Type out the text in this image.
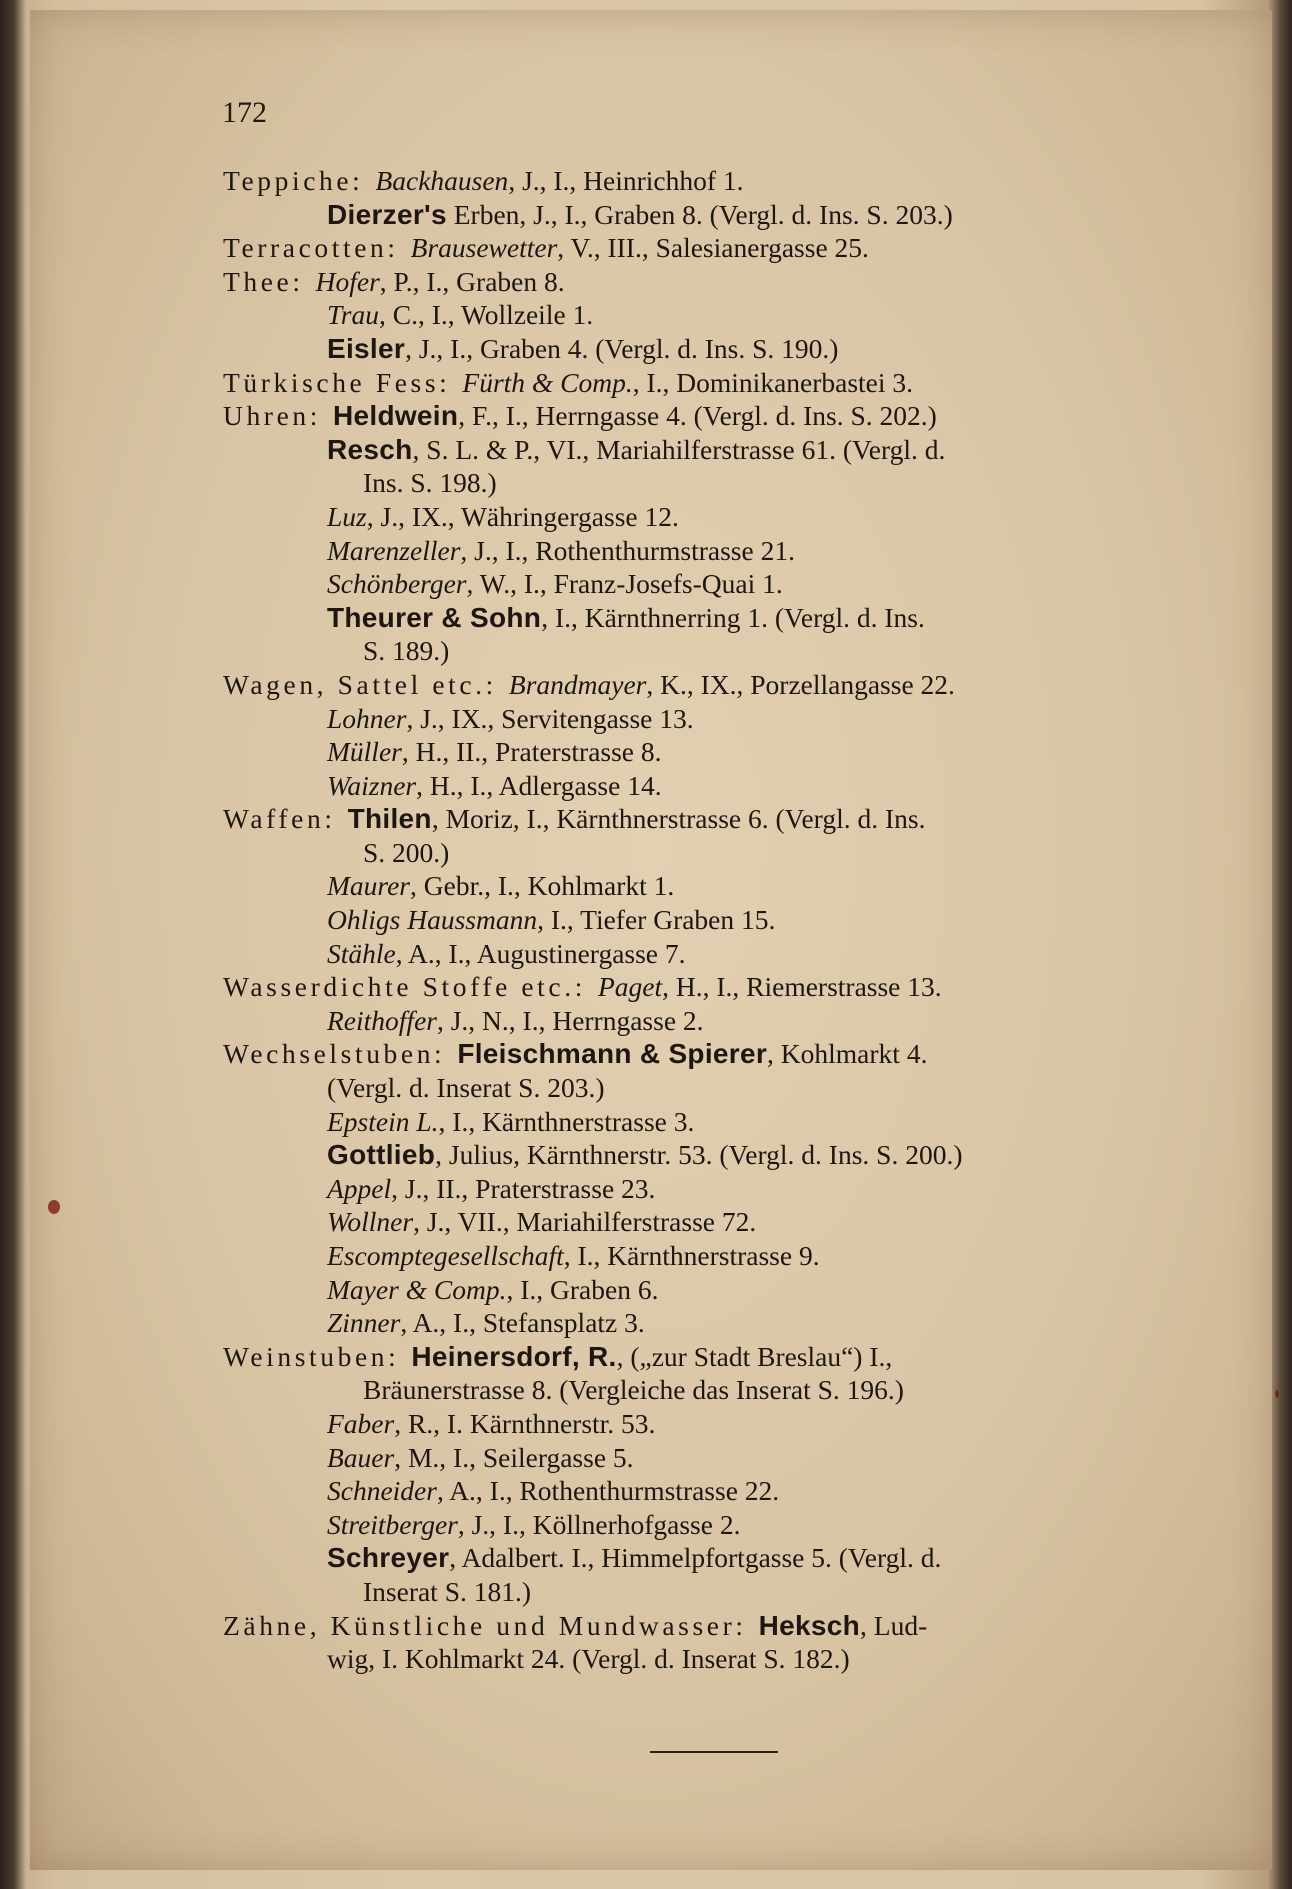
172
Teppiche: Backhausen , J., I., Heinrichhof 1.
Dierzer's Erben, J., I., Graben 8. (Vergl. d. Ins. S. 203.)
Terracotten: Brausewetter , V., III., Salesianergasse 25.
Thee: Hofer , P., I., Graben 8.
Trau , C., I., Wollzeile 1.
Eisler , J., I., Graben 4. (Vergl. d. Ins. S. 190.)
Türkische Fess: Fürth & Comp. , I., Dominikanerbastei 3.
Uhren: Heldwein , F., I., Herrngasse 4. (Vergl. d. Ins. S. 202.)
Resch , S. L. & P., VI., Mariahilferstrasse 61. (Vergl. d.
Ins. S. 198.)
Luz , J., IX., Währingergasse 12.
Marenzeller , J., I., Rothenthurmstrasse 21.
Schönberger , W., I., Franz-Josefs-Quai 1.
Theurer & Sohn , I., Kärnthnerring 1. (Vergl. d. Ins.
S. 189.)
Wagen, Sattel etc.: Brandmayer , K., IX., Porzellangasse 22.
Lohner , J., IX., Servitengasse 13.
Müller , H., II., Praterstrasse 8.
Waizner , H., I., Adlergasse 14.
Waffen: Thilen , Moriz, I., Kärnthnerstrasse 6. (Vergl. d. Ins.
S. 200.)
Maurer , Gebr., I., Kohlmarkt 1.
Ohligs Haussmann , I., Tiefer Graben 15.
Stähle , A., I., Augustinergasse 7.
Wasserdichte Stoffe etc.: Paget , H., I., Riemerstrasse 13.
Reithoffer , J., N., I., Herrngasse 2.
Wechselstuben: Fleischmann & Spierer , Kohlmarkt 4.
(Vergl. d. Inserat S. 203.)
Epstein L. , I., Kärnthnerstrasse 3.
Gottlieb , Julius, Kärnthnerstr. 53. (Vergl. d. Ins. S. 200.)
Appel , J., II., Praterstrasse 23.
Wollner , J., VII., Mariahilferstrasse 72.
Escomptegesellschaft , I., Kärnthnerstrasse 9.
Mayer & Comp. , I., Graben 6.
Zinner , A., I., Stefansplatz 3.
Weinstuben: Heinersdorf, R. , („zur Stadt Breslau“) I.,
Bräunerstrasse 8. (Vergleiche das Inserat S. 196.)
Faber , R., I. Kärnthnerstr. 53.
Bauer , M., I., Seilergasse 5.
Schneider , A., I., Rothenthurmstrasse 22.
Streitberger , J., I., Köllnerhofgasse 2.
Schreyer , Adalbert. I., Himmelpfortgasse 5. (Vergl. d.
Inserat S. 181.)
Zähne, Künstliche und Mundwasser: Heksch , Lud-
wig, I. Kohlmarkt 24. (Vergl. d. Inserat S. 182.)
